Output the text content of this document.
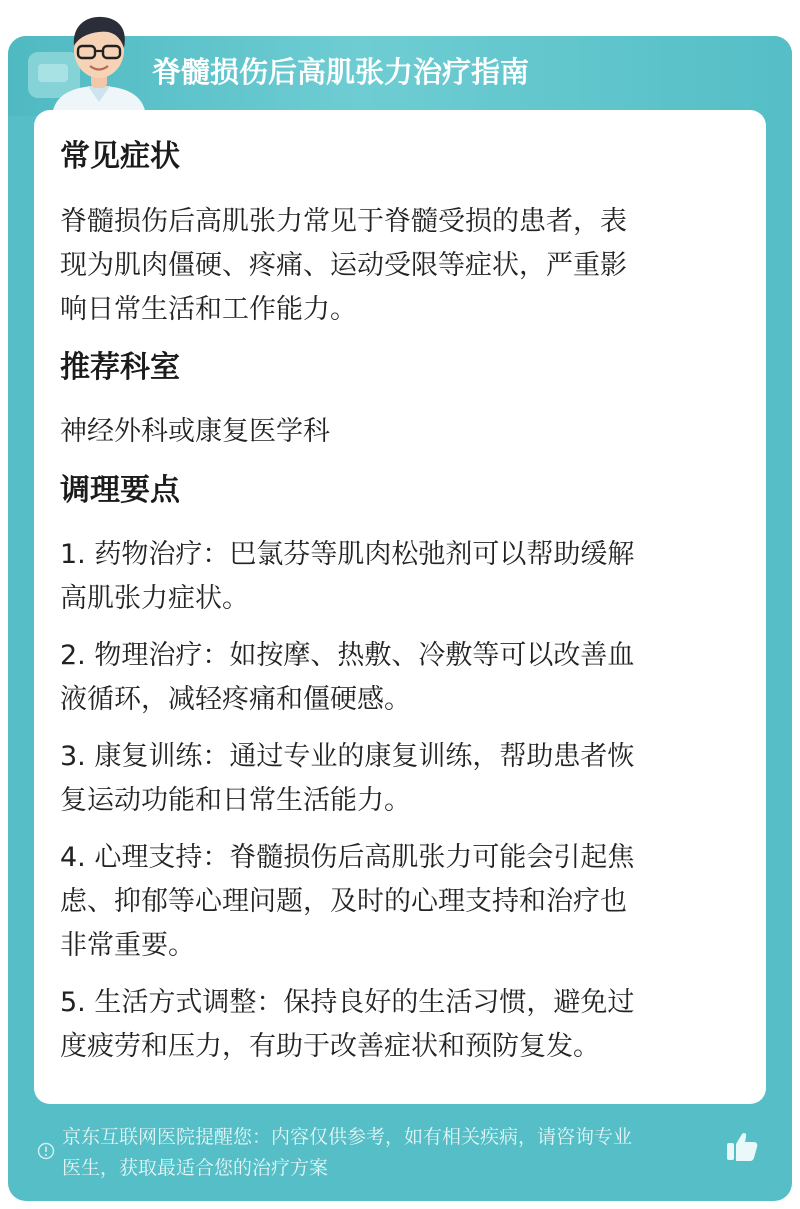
脊髓损伤后高肌张力治疗指南
常见症状
脊髓损伤后高肌张力常见于脊髓受损的患者，表
现为肌肉僵硬、疼痛、运动受限等症状，严重影
响日常生活和工作能力。
推荐科室
神经外科或康复医学科
调理要点
1. 药物治疗：巴氯芬等肌肉松弛剂可以帮助缓解
高肌张力症状。
2. 物理治疗：如按摩、热敷、冷敷等可以改善血
液循环，减轻疼痛和僵硬感。
3. 康复训练：通过专业的康复训练，帮助患者恢
复运动功能和日常生活能力。
4. 心理支持：脊髓损伤后高肌张力可能会引起焦
虑、抑郁等心理问题，及时的心理支持和治疗也
非常重要。
5. 生活方式调整：保持良好的生活习惯，避免过
度疲劳和压力，有助于改善症状和预防复发。
京东互联网医院提醒您：内容仅供参考，如有相关疾病，请咨询专业
医生，获取最适合您的治疗方案
